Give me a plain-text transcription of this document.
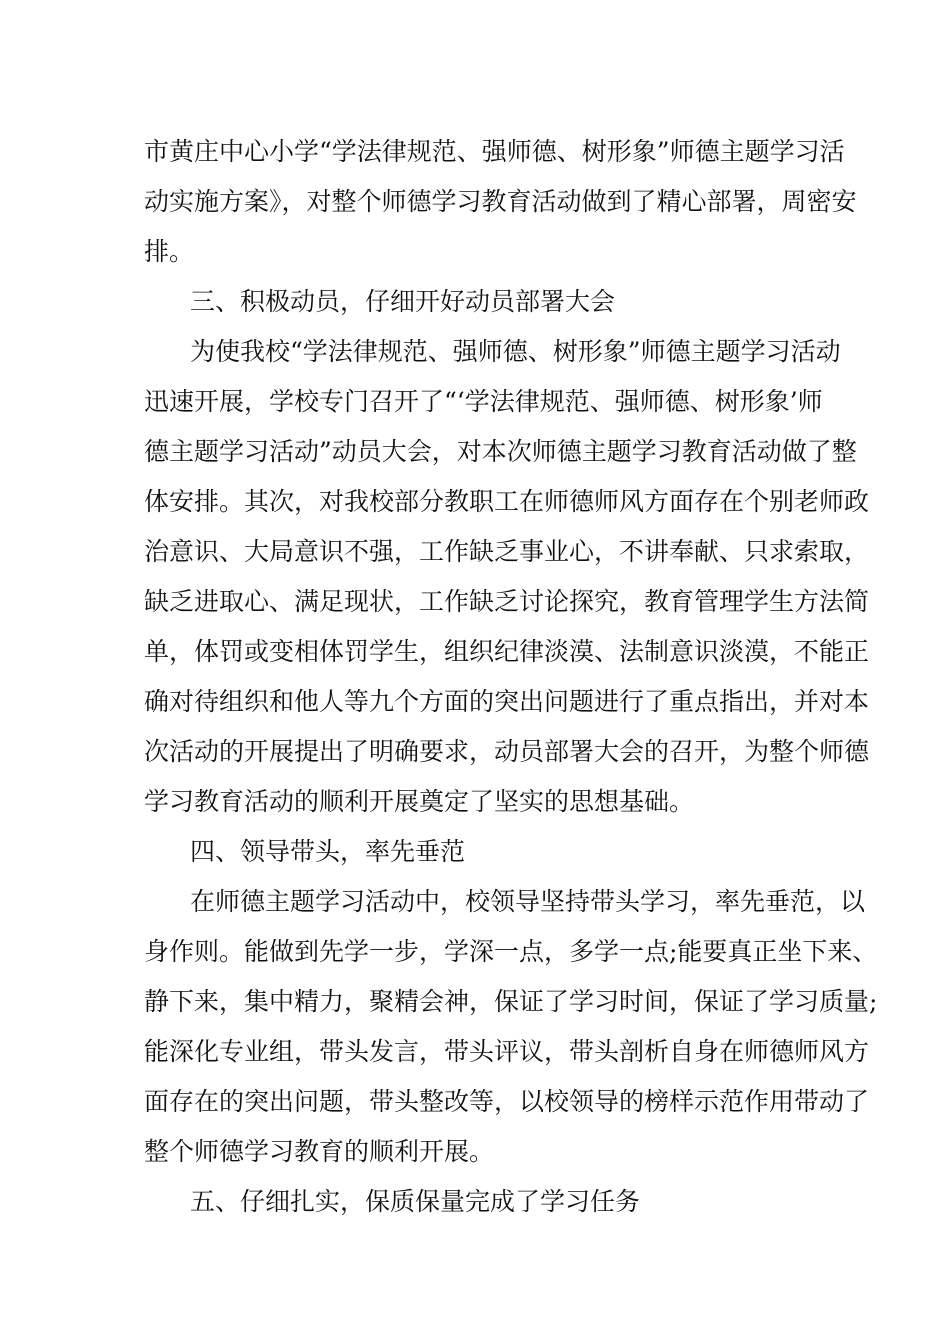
市黄庄中心小学“学法律规范、强师德、树形象”师德主题学习活
动实施方案》，对整个师德学习教育活动做到了精心部署，周密安
排。
三、积极动员，仔细开好动员部署大会
为使我校“学法律规范、强师德、树形象”师德主题学习活动
迅速开展，学校专门召开了“‘学法律规范、强师德、树形象’师
德主题学习活动”动员大会，对本次师德主题学习教育活动做了整
体安排。其次，对我校部分教职工在师德师风方面存在个别老师政
治意识、大局意识不强，工作缺乏事业心，不讲奉献、只求索取，
缺乏进取心、满足现状，工作缺乏讨论探究，教育管理学生方法简
单，体罚或变相体罚学生，组织纪律淡漠、法制意识淡漠，不能正
确对待组织和他人等九个方面的突出问题进行了重点指出，并对本
次活动的开展提出了明确要求，动员部署大会的召开，为整个师德
学习教育活动的顺利开展奠定了坚实的思想基础。
四、领导带头，率先垂范
在师德主题学习活动中，校领导坚持带头学习，率先垂范，以
身作则。能做到先学一步，学深一点，多学一点;能要真正坐下来、
静下来，集中精力，聚精会神，保证了学习时间，保证了学习质量;
能深化专业组，带头发言，带头评议，带头剖析自身在师德师风方
面存在的突出问题，带头整改等，以校领导的榜样示范作用带动了
整个师德学习教育的顺利开展。
五、仔细扎实，保质保量完成了学习任务
